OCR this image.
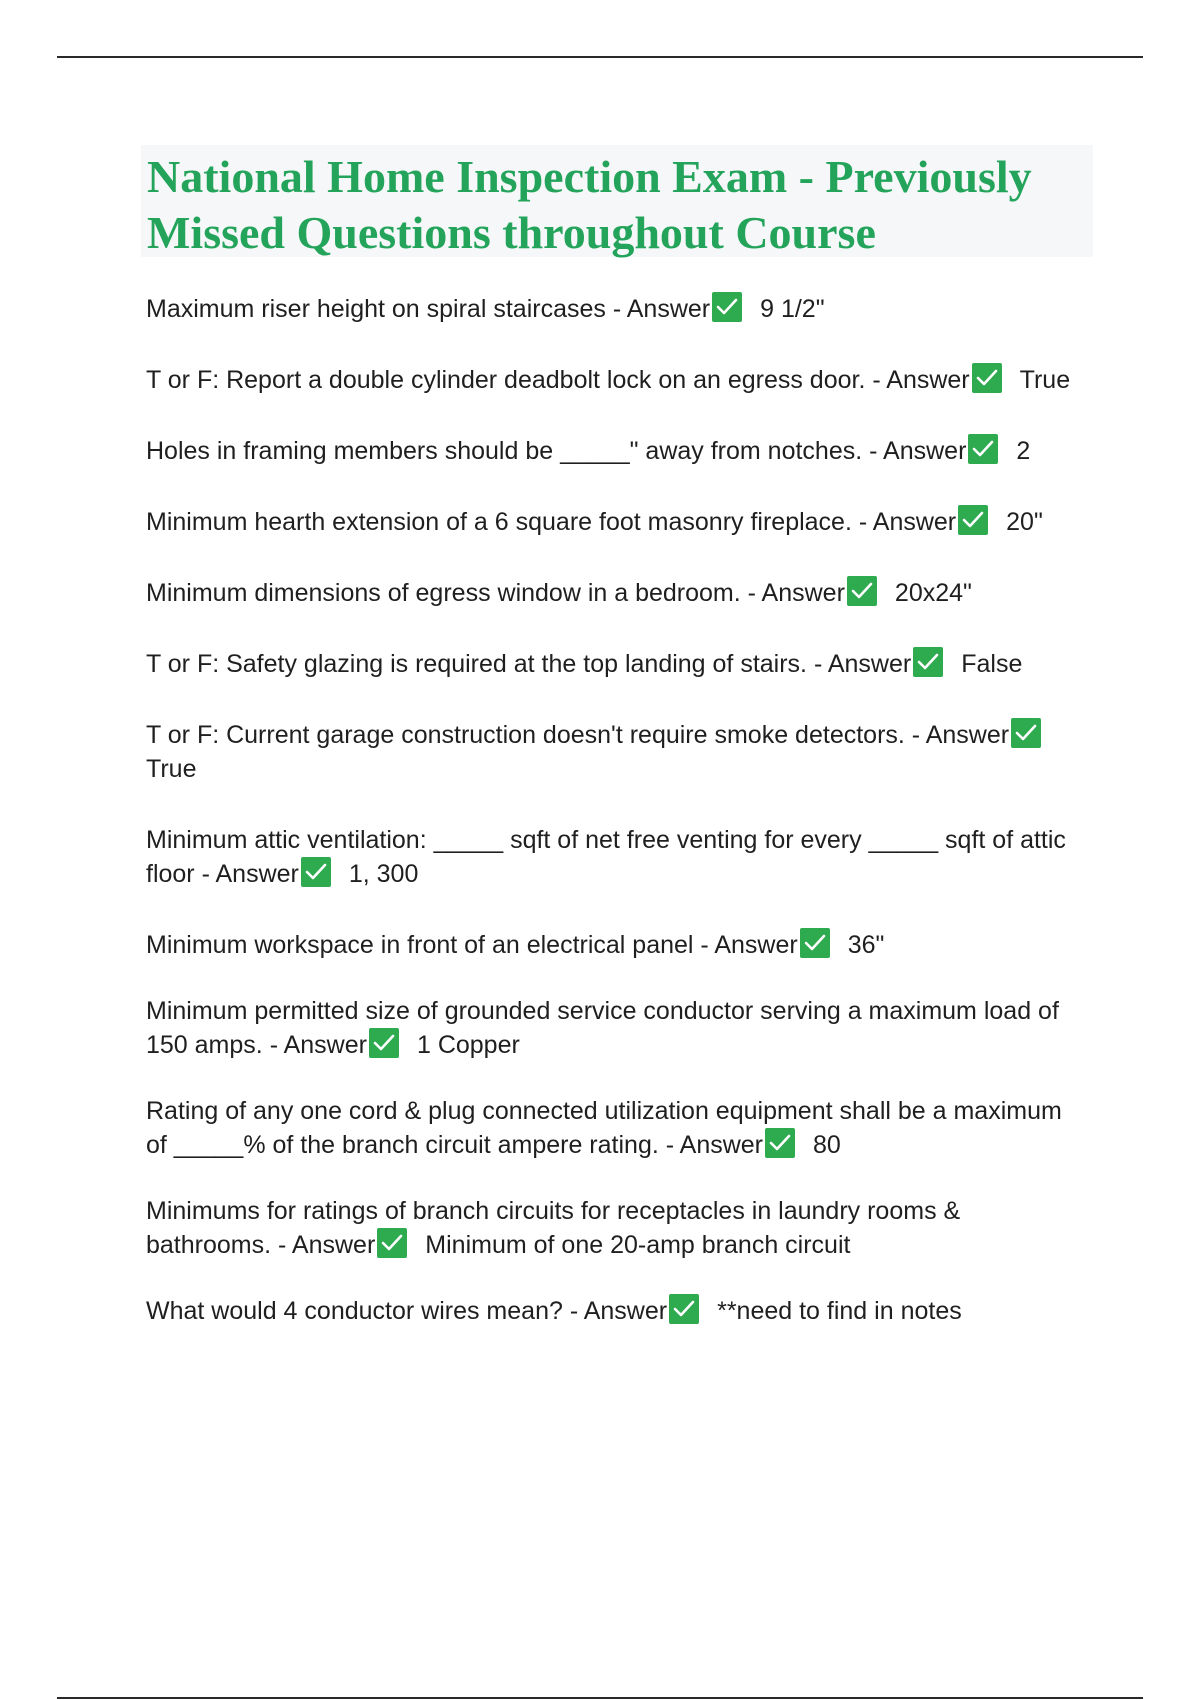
National Home Inspection Exam - Previously Missed Questions throughout Course
Maximum riser height on spiral staircases - Answer 9 1/2"
T or F: Report a double cylinder deadbolt lock on an egress door. - Answer True
Holes in framing members should be _____" away from notches. - Answer 2
Minimum hearth extension of a 6 square foot masonry fireplace. - Answer 20"
Minimum dimensions of egress window in a bedroom. - Answer 20x24"
T or F: Safety glazing is required at the top landing of stairs. - Answer False
T or F: Current garage construction doesn't require smoke detectors. - Answer
True
Minimum attic ventilation: _____ sqft of net free venting for every _____ sqft of attic floor - Answer 1, 300
Minimum workspace in front of an electrical panel - Answer 36"
Minimum permitted size of grounded service conductor serving a maximum load of 150 amps. - Answer 1 Copper
Rating of any one cord & plug connected utilization equipment shall be a maximum of _____% of the branch circuit ampere rating. - Answer 80
Minimums for ratings of branch circuits for receptacles in laundry rooms & bathrooms. - Answer Minimum of one 20-amp branch circuit
What would 4 conductor wires mean? - Answer **need to find in notes
